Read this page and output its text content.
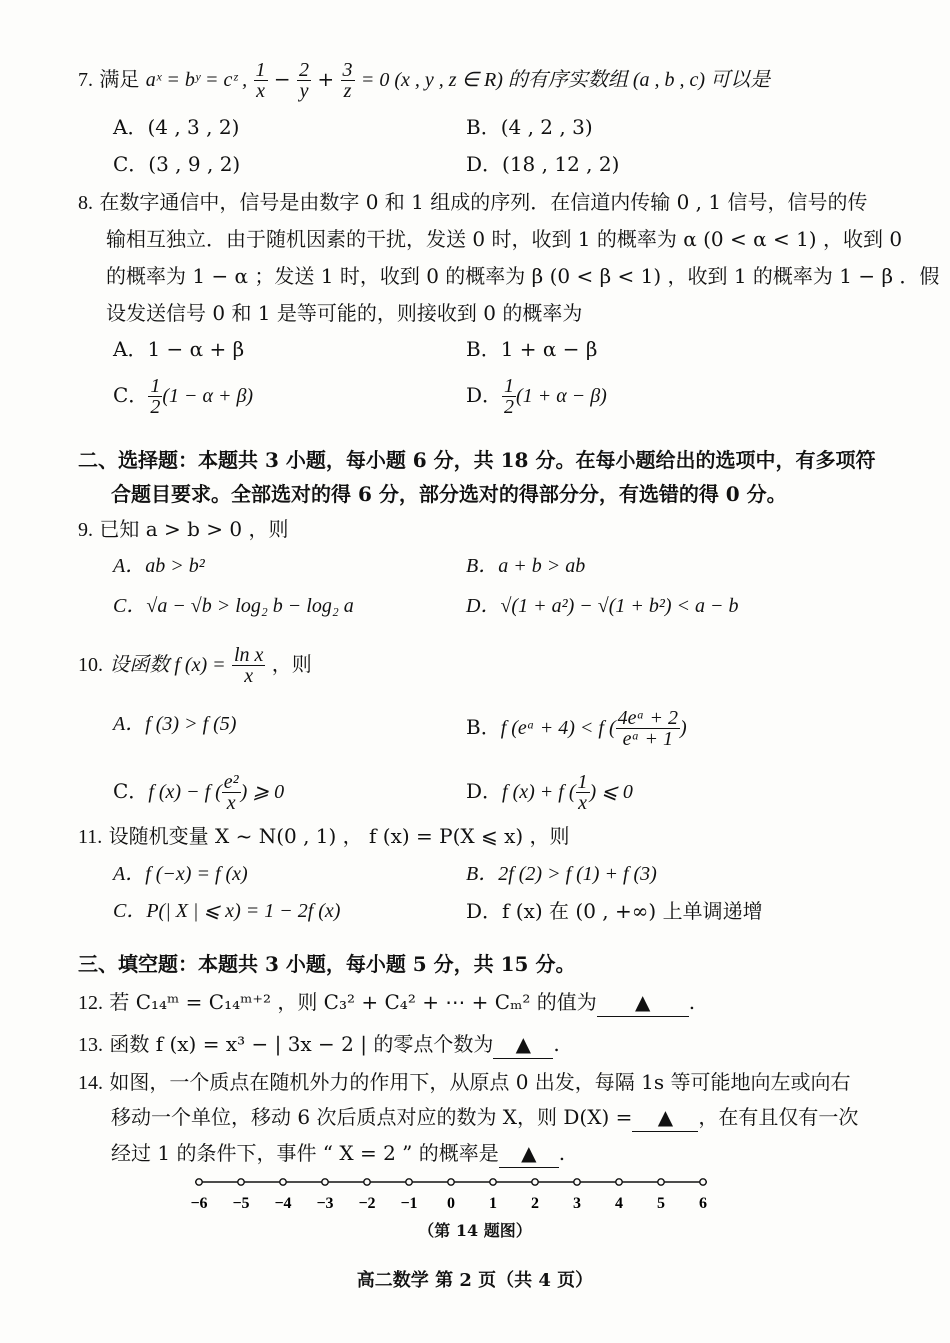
7. 满足 aˣ = bʸ = cᶻ , $\frac{1}{x} - \frac{2}{y} + \frac{3}{z} = 0$ (x , y , z ∈ R) 的有序实数组 (a , b , c) 可以是
A．(4 , 3 , 2)	B．(4 , 2 , 3)
C．(3 , 9 , 2)	D．(18 , 12 , 2)
8. 在数字通信中，信号是由数字 0 和 1 组成的序列．在信道内传输 0 , 1 信号，信号的传
输相互独立．由于随机因素的干扰，发送 0 时，收到 1 的概率为 α (0 < α < 1) ，收到 0
的概率为 1 − α ；发送 1 时，收到 0 的概率为 β (0 < β < 1) ，收到 1 的概率为 1 − β ．假
设发送信号 0 和 1 是等可能的，则接收到 0 的概率为
A．1 − α + β	B．1 + α − β
C． $\frac{1}{2} (1 - \alpha + \beta)$	D． $\frac{1}{2} (1 + \alpha - \beta)$
二、选择题：本题共 3 小题，每小题 6 分，共 18 分。在每小题给出的选项中，有多项符
合题目要求。全部选对的得 6 分，部分选对的得部分分，有选错的得 0 分。
9. 已知 a > b > 0 ，则
A．ab > b²	B．a + b > ab
C．√a − √b > log₂ b − log₂ a	D．√(1 + a²) − √(1 + b²) < a − b
10. 设函数 f $(x) = \frac{\text{ln x}}{x}$ ，则
A．f (3) > f (5)	B．f (eᵃ + 4) < f ( $\frac{\text{4eᵃ + 2}}{\text{eᵃ + 1}}$ )
C．f (x) − f ( $\frac{\text{e²}}{x}$ ) ⩾ 0	D．f (x) + f ( $\frac{1}{x}$ ) ⩽ 0
11. 设随机变量 X ~ N(0 , 1) ， f (x) = P(X ⩽ x) ，则
A．f (−x) = f (x)	B．2f (2) > f (1) + f (3)
C．P(| X | ⩽ x) = 1 − 2f (x)	D．f (x) 在 (0 , +∞) 上单调递增
三、填空题：本题共 3 小题，每小题 5 分，共 15 分。
12. 若 C₁₄ᵐ = C₁₄ᵐ⁺² ，则 C₃² + C₄² + ⋯ + Cₘ² 的值为 ▲ .
13. 函数 f (x) = x³ − | 3x − 2 | 的零点个数为 ▲ .
14. 如图，一个质点在随机外力的作用下，从原点 0 出发，每隔 1s 等可能地向左或向右
移动一个单位，移动 6 次后质点对应的数为 X，则 D(X) = ▲ ，在有且仅有一次
经过 1 的条件下，事件 “ X = 2 ” 的概率是 ▲ .
−6 −5 −4 −3 −2 −1 0 1 2 3 4 5 6
（第 14 题图）
高二数学 第 2 页（共 4 页）
